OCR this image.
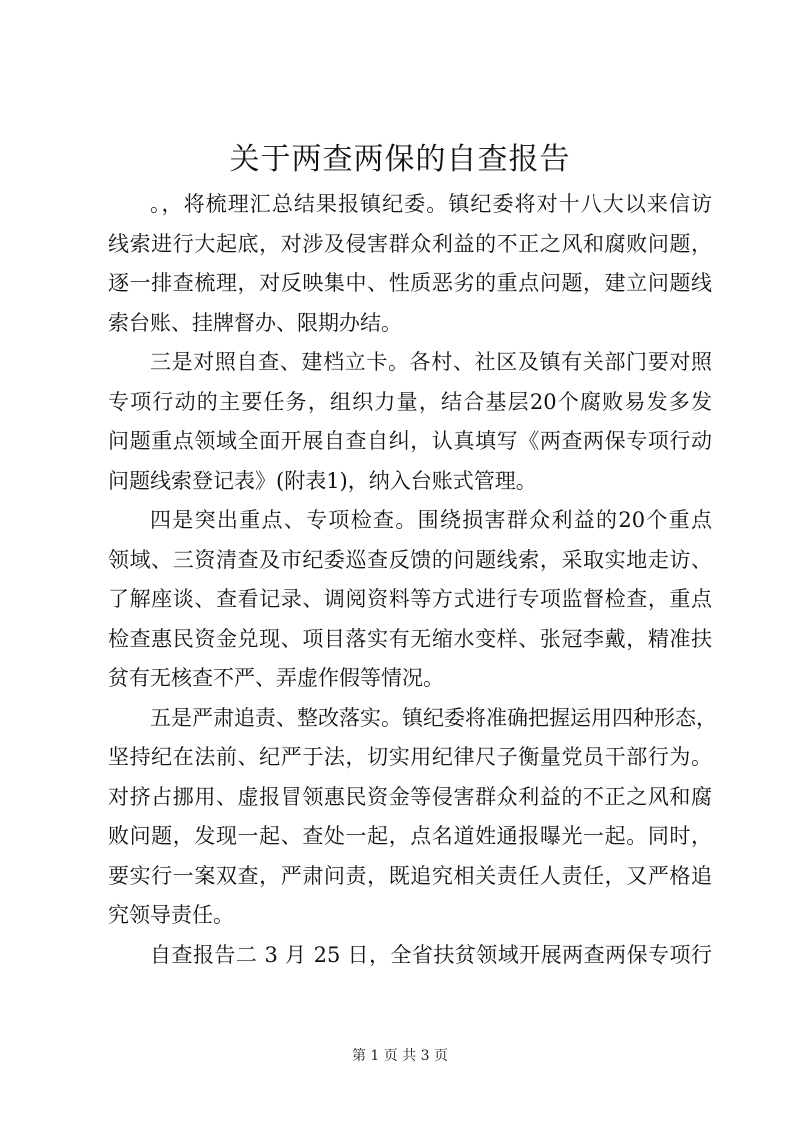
关于两查两保的自查报告

。，将梳理汇总结果报镇纪委。镇纪委将对十八大以来信访
线索进行大起底，对涉及侵害群众利益的不正之风和腐败问题，
逐一排查梳理，对反映集中、性质恶劣的重点问题，建立问题线
索台账、挂牌督办、限期办结。

三是对照自查、建档立卡。各村、社区及镇有关部门要对照
专项行动的主要任务，组织力量，结合基层20个腐败易发多发
问题重点领域全面开展自查自纠，认真填写《两查两保专项行动
问题线索登记表》(附表1)，纳入台账式管理。

四是突出重点、专项检查。围绕损害群众利益的20个重点
领域、三资清查及市纪委巡查反馈的问题线索，采取实地走访、
了解座谈、查看记录、调阅资料等方式进行专项监督检查，重点
检查惠民资金兑现、项目落实有无缩水变样、张冠李戴，精准扶
贫有无核查不严、弄虚作假等情况。

五是严肃追责、整改落实。镇纪委将准确把握运用四种形态，
坚持纪在法前、纪严于法，切实用纪律尺子衡量党员干部行为。
对挤占挪用、虚报冒领惠民资金等侵害群众利益的不正之风和腐
败问题，发现一起、查处一起，点名道姓通报曝光一起。同时，
要实行一案双查，严肃问责，既追究相关责任人责任，又严格追
究领导责任。

自查报告二 3 月 25 日，全省扶贫领域开展两查两保专项行

第 1 页 共 3 页
